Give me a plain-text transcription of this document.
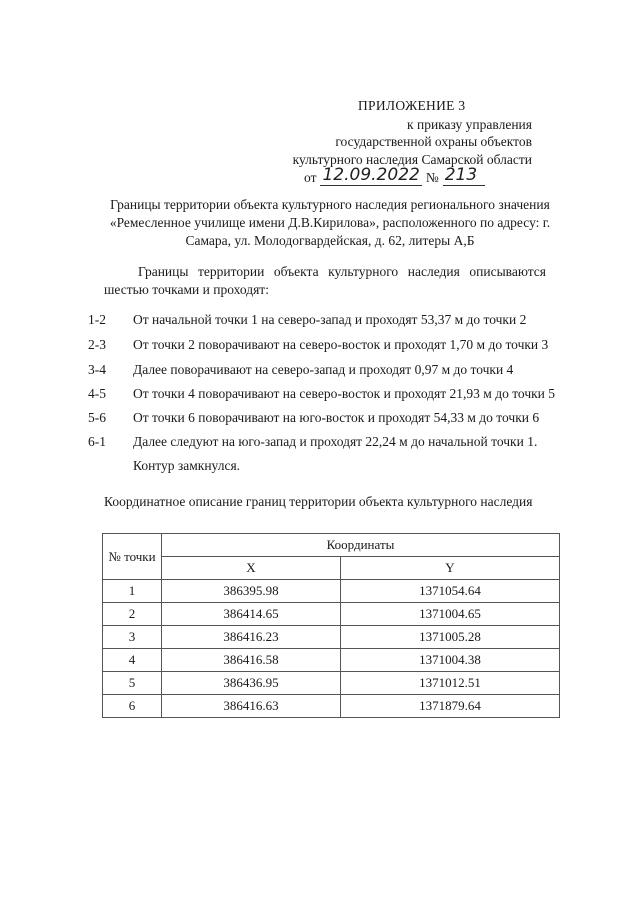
ПРИЛОЖЕНИЕ 3

к приказу управления

государственной охраны объектов

культурного наследия Самарской области

от 12.09.2022 № 213

Границы территории объекта культурного наследия регионального значения «Ремесленное училище имени Д.В.Кирилова», расположенного по адресу: г. Самара, ул. Молодогвардейская, д. 62, литеры А,Б

Границы территории объекта культурного наследия описываются шестью точками и проходят:

1-2	От начальной точки 1 на северо-запад и проходят 53,37 м до точки 2
2-3	От точки 2 поворачивают на северо-восток и проходят 1,70 м до точки 3
3-4	Далее поворачивают на северо-запад и проходят 0,97 м до точки 4
4-5	От точки 4 поворачивают на северо-восток и проходят 21,93 м до точки 5
5-6	От точки 6 поворачивают на юго-восток и проходят 54,33 м до точки 6
6-1	Далее следуют на юго-запад и проходят 22,24 м до начальной точки 1.

Контур замкнулся.

Координатное описание границ территории объекта культурного наследия

№ точки	Координаты	
	X	Y
1	386395.98	1371054.64
2	386414.65	1371004.65
3	386416.23	1371005.28
4	386416.58	1371004.38
5	386436.95	1371012.51
6	386416.63	1371879.64
